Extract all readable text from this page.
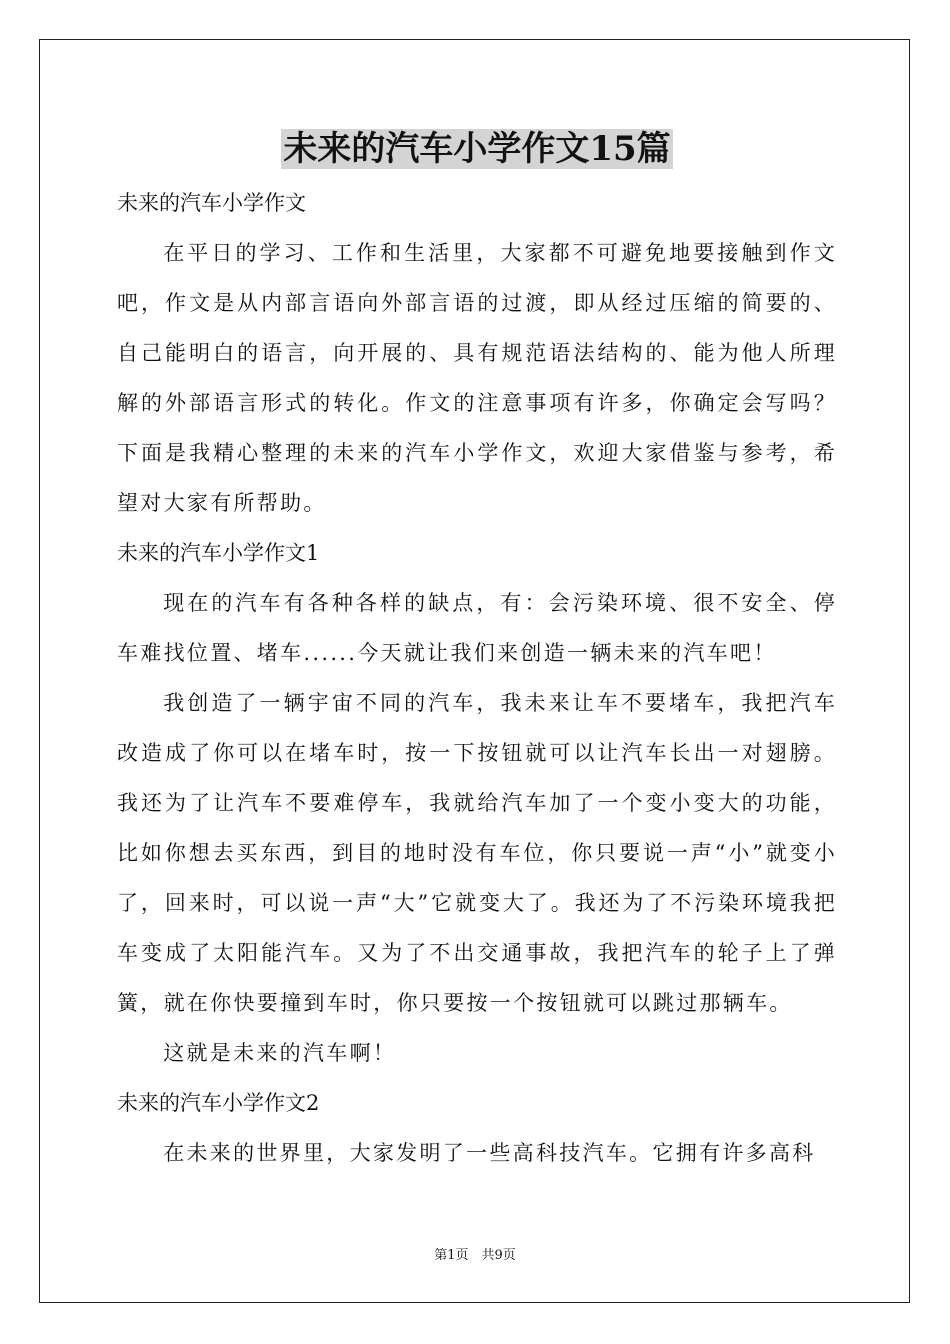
未来的汽车小学作文15篇

未来的汽车小学作文

在平日的学习、工作和生活里，大家都不可避免地要接触到作文吧，作文是从内部言语向外部言语的过渡，即从经过压缩的简要的、自己能明白的语言，向开展的、具有规范语法结构的、能为他人所理解的外部语言形式的转化。作文的注意事项有许多，你确定会写吗？下面是我精心整理的未来的汽车小学作文，欢迎大家借鉴与参考，希望对大家有所帮助。

未来的汽车小学作文1

现在的汽车有各种各样的缺点，有：会污染环境、很不安全、停车难找位置、堵车......今天就让我们来创造一辆未来的汽车吧！

我创造了一辆宇宙不同的汽车，我未来让车不要堵车，我把汽车改造成了你可以在堵车时，按一下按钮就可以让汽车长出一对翅膀。我还为了让汽车不要难停车，我就给汽车加了一个变小变大的功能，比如你想去买东西，到目的地时没有车位，你只要说一声“小”就变小了，回来时，可以说一声“大”它就变大了。我还为了不污染环境我把车变成了太阳能汽车。又为了不出交通事故，我把汽车的轮子上了弹簧，就在你快要撞到车时，你只要按一个按钮就可以跳过那辆车。

这就是未来的汽车啊！

未来的汽车小学作文2

在未来的世界里，大家发明了一些高科技汽车。它拥有许多高科

第1页　共9页
